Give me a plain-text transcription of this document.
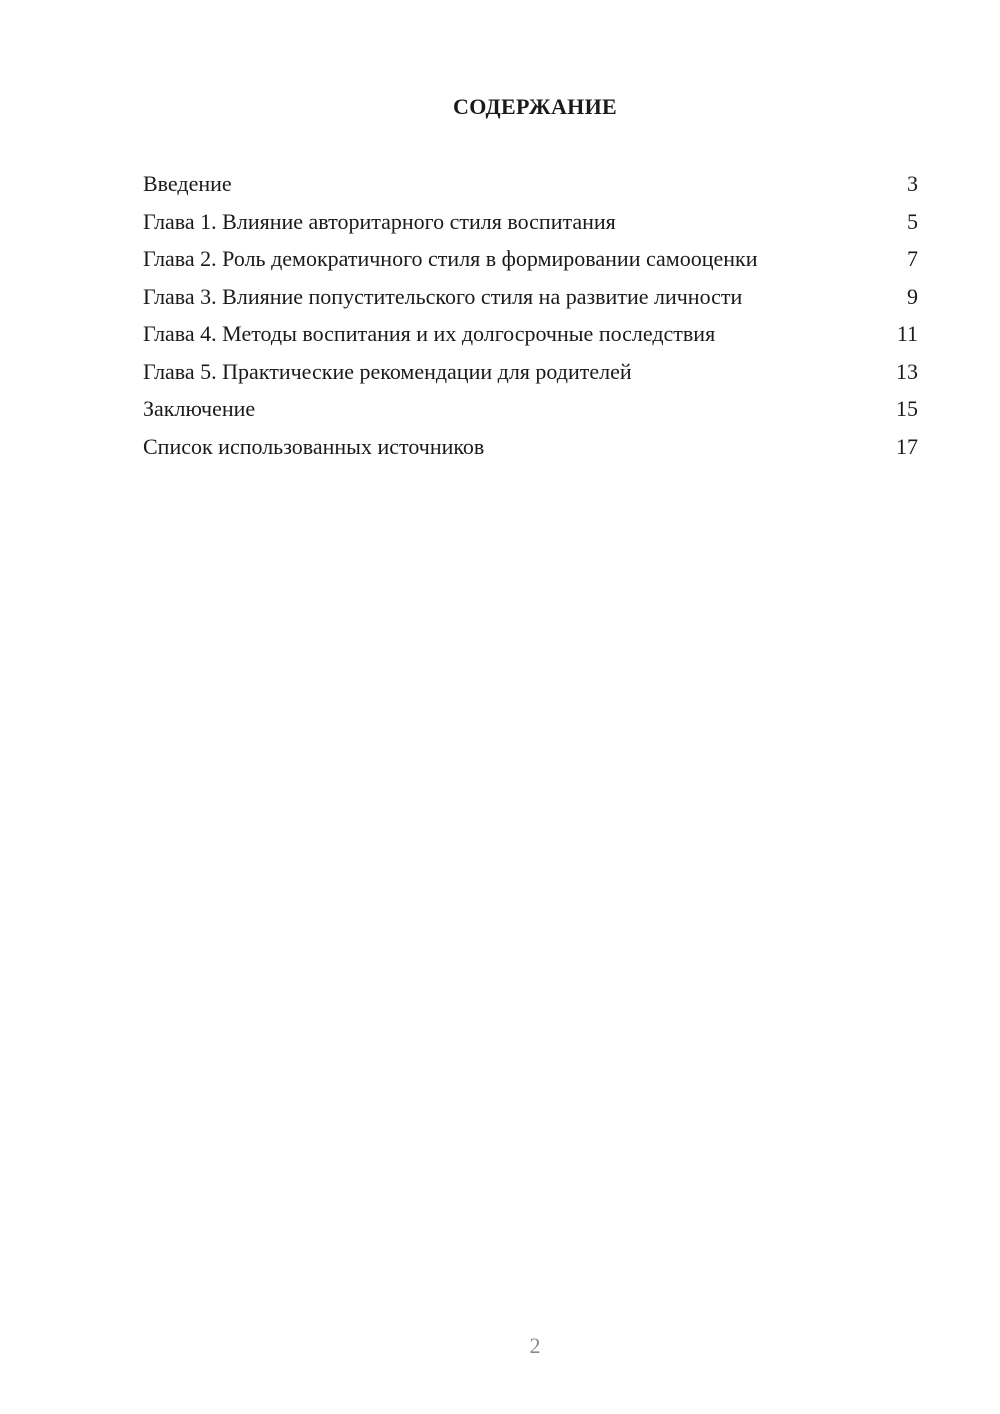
СОДЕРЖАНИЕ
Введение	3
Глава 1. Влияние авторитарного стиля воспитания	5
Глава 2. Роль демократичного стиля в формировании самооценки	7
Глава 3. Влияние попустительского стиля на развитие личности	9
Глава 4. Методы воспитания и их долгосрочные последствия	11
Глава 5. Практические рекомендации для родителей	13
Заключение	15
Список использованных источников	17
2
